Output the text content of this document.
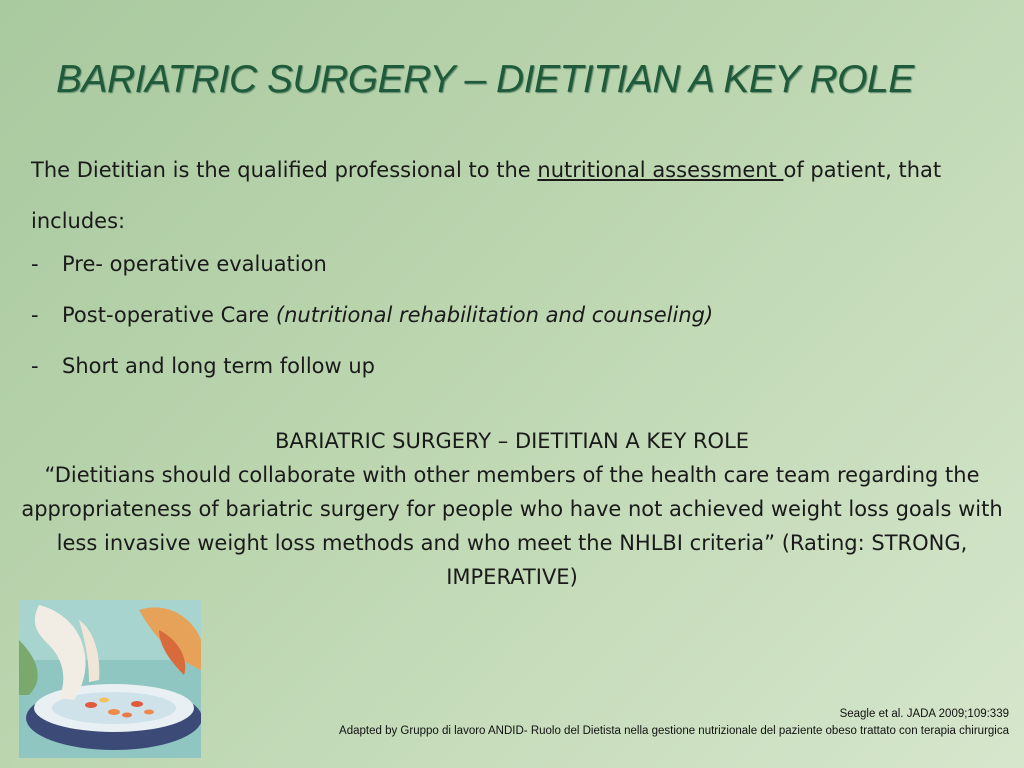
BARIATRIC SURGERY – DIETITIAN A KEY ROLE
The Dietitian is the qualified professional to the nutritional assessment of patient, that includes:
- Pre- operative evaluation
- Post-operative Care (nutritional rehabilitation and counseling)
- Short and long term follow up
BARIATRIC SURGERY – DIETITIAN A KEY ROLE
“Dietitians should collaborate with other members of the health care team regarding the appropriateness of bariatric surgery for people who have not achieved weight loss goals with less invasive weight loss methods and who meet the NHLBI criteria” (Rating: STRONG, IMPERATIVE)
Seagle et al. JADA 2009;109:339
Adapted by Gruppo di lavoro ANDID- Ruolo del Dietista nella gestione nutrizionale del paziente obeso trattato con terapia chirurgica
